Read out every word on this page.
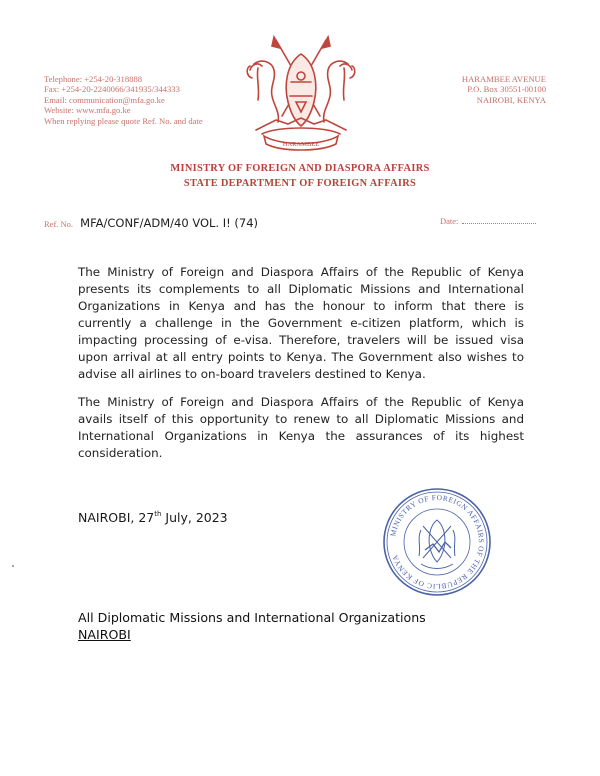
Telephone: +254-20-318888
Fax: +254-20-2240066/341935/344333
Email: communication@mfa.go.ke
Website: www.mfa.go.ke
When replying please quote Ref. No. and date
HARAMBEE
HARAMBEE AVENUE
P.O. Box 30551-00100
NAIROBI, KENYA
MINISTRY OF FOREIGN AND DIASPORA AFFAIRS
STATE DEPARTMENT OF FOREIGN AFFAIRS
Ref. No. MFA/CONF/ADM/40 VOL. I! (74)	Date:
The Ministry of Foreign and Diaspora Affairs of the Republic of Kenya presents its complements to all Diplomatic Missions and International Organizations in Kenya and has the honour to inform that there is currently a challenge in the Government e-citizen platform, which is impacting processing of e-visa. Therefore, travelers will be issued visa upon arrival at all entry points to Kenya. The Government also wishes to advise all airlines to on-board travelers destined to Kenya.
The Ministry of Foreign and Diaspora Affairs of the Republic of Kenya avails itself of this opportunity to renew to all Diplomatic Missions and International Organizations in Kenya the assurances of its highest consideration.
NAIROBI, 27th July, 2023
MINISTRY OF FOREIGN AFFAIRS OF THE REPUBLIC OF KENYA
All Diplomatic Missions and International Organizations
NAIROBI
